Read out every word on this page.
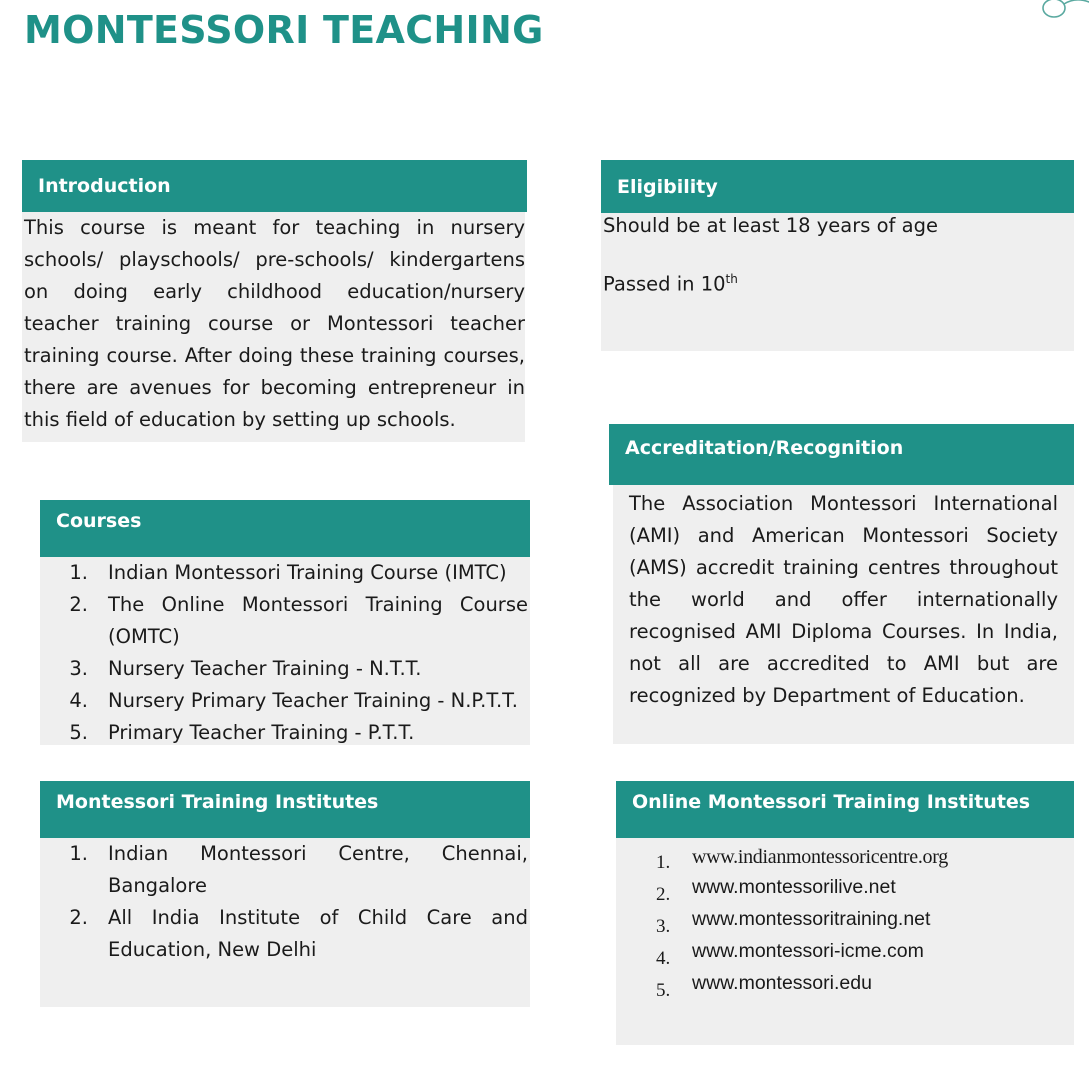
MONTESSORI TEACHING
Introduction

This course is meant for teaching in nursery schools/ playschools/ pre-schools/ kindergartens on doing early childhood education/nursery teacher training course or Montessori teacher training course. After doing these training courses, there are avenues for becoming entrepreneur in this field of education by setting up schools.

Eligibility

Should be at least 18 years of age

Passed in 10th

Accreditation/Recognition

The Association Montessori International (AMI) and American Montessori Society (AMS) accredit training centres throughout the world and offer internationally recognised AMI Diploma Courses. In India, not all are accredited to AMI but are recognized by Department of Education.

Courses
1.	Indian Montessori Training Course (IMTC)
2.	The Online Montessori Training Course (OMTC)
3.	Nursery Teacher Training - N.T.T.
4.	Nursery Primary Teacher Training - N.P.T.T.
5.	Primary Teacher Training - P.T.T.
Montessori Training Institutes
1.	Indian Montessori Centre, Chennai, Bangalore
2.	All India Institute of Child Care and Education, New Delhi
Online Montessori Training Institutes
1. www.indianmontessoricentre.org
2. www.montessorilive.net
3. www.montessoritraining.net
4. www.montessori-icme.com
5. www.montessori.edu
